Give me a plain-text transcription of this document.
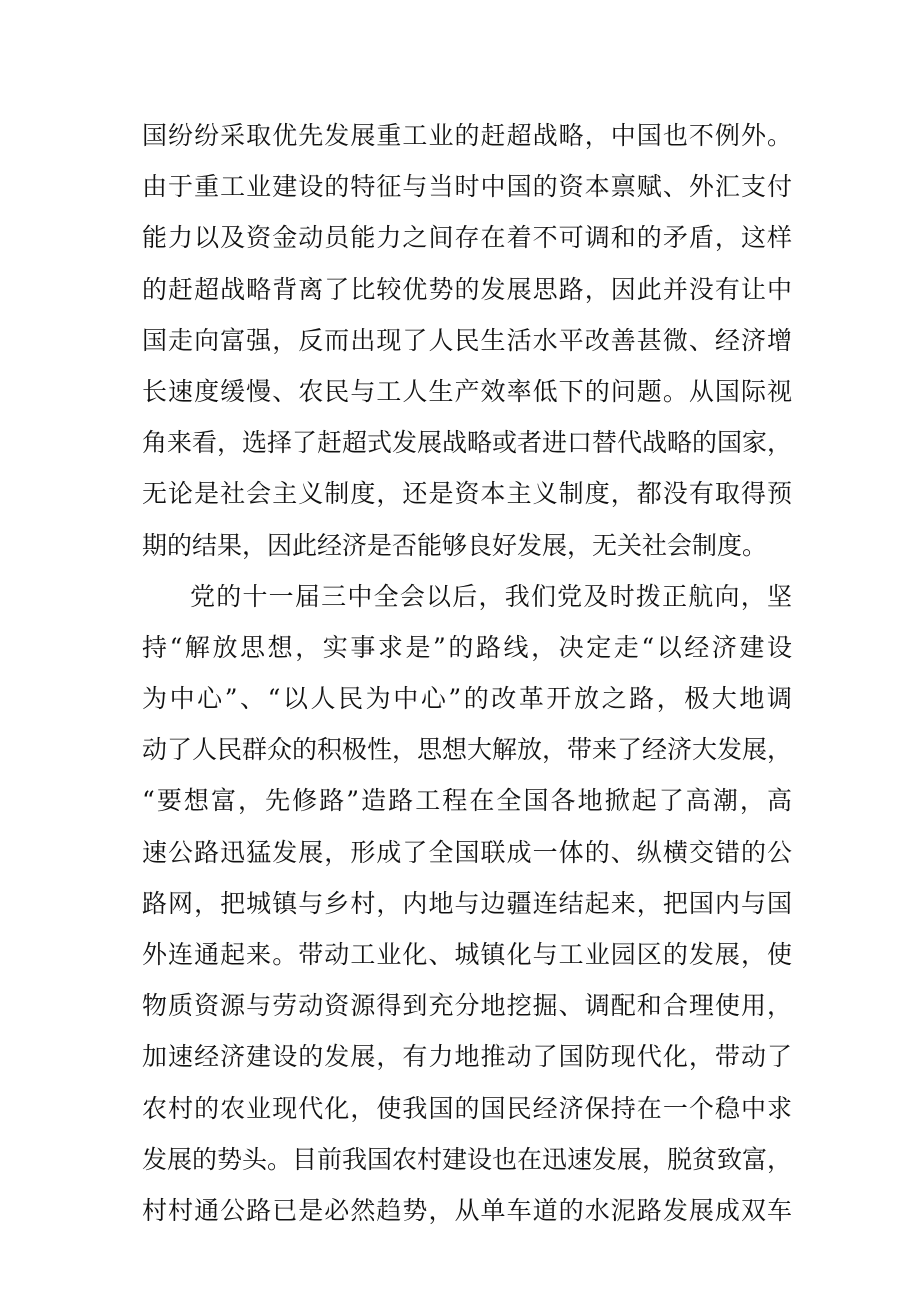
国纷纷采取优先发展重工业的赶超战略，中国也不例外。
由于重工业建设的特征与当时中国的资本禀赋、外汇支付
能力以及资金动员能力之间存在着不可调和的矛盾，这样
的赶超战略背离了比较优势的发展思路，因此并没有让中
国走向富强，反而出现了人民生活水平改善甚微、经济增
长速度缓慢、农民与工人生产效率低下的问题。从国际视
角来看，选择了赶超式发展战略或者进口替代战略的国家，
无论是社会主义制度，还是资本主义制度，都没有取得预
期的结果，因此经济是否能够良好发展，无关社会制度。
党的十一届三中全会以后，我们党及时拨正航向，坚
持“解放思想，实事求是”的路线，决定走“以经济建设
为中心”、“以人民为中心”的改革开放之路，极大地调
动了人民群众的积极性，思想大解放，带来了经济大发展，
“要想富，先修路”造路工程在全国各地掀起了高潮，高
速公路迅猛发展，形成了全国联成一体的、纵横交错的公
路网，把城镇与乡村，内地与边疆连结起来，把国内与国
外连通起来。带动工业化、城镇化与工业园区的发展，使
物质资源与劳动资源得到充分地挖掘、调配和合理使用，
加速经济建设的发展，有力地推动了国防现代化，带动了
农村的农业现代化，使我国的国民经济保持在一个稳中求
发展的势头。目前我国农村建设也在迅速发展，脱贫致富，
村村通公路已是必然趋势，从单车道的水泥路发展成双车
